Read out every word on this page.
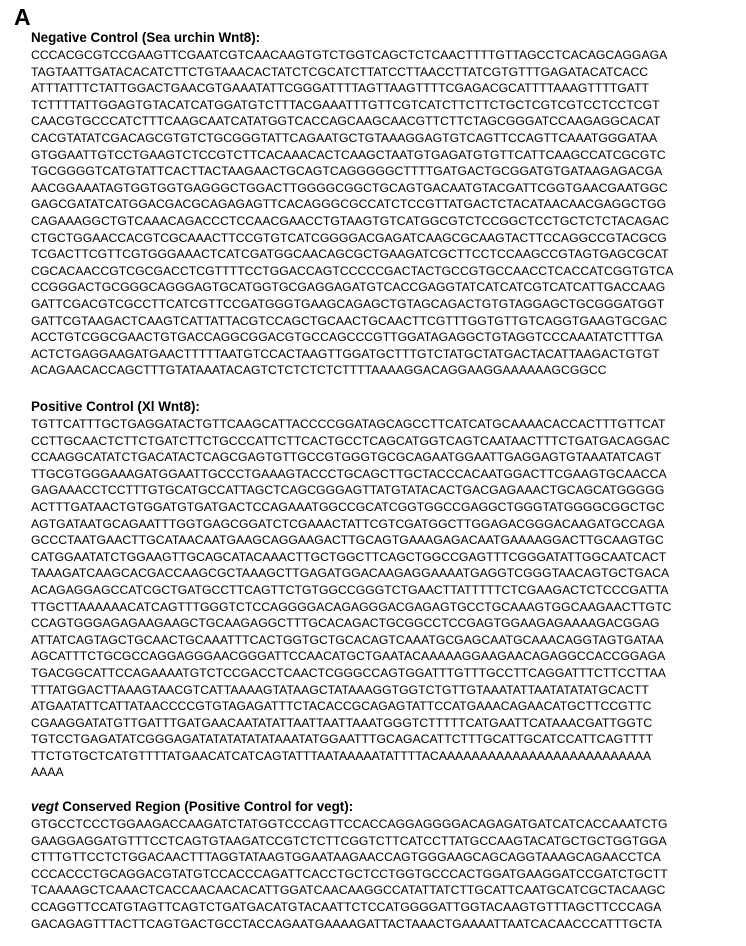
A
Negative Control (Sea urchin Wnt8):
CCCACGCGTCCGAAGTTCGAATCGTCAACAAGTGTCTGGTCAGCTCTCAACTTTTGTTAGCCTCACAGCAGGAGA
TAGTAATTGATACACATCTTCTGTAAACACTATCTCGCATCTTATCCTTAACCTTATCGTGTTTGAGATACATCACC
ATTTATTTCTATTGGACTGAACGTGAAATATTCGGGATTTTAGTTAAGTTTTCGAGACGCATTTTAAAGTTTTGATT
TCTTTTATTGGAGTGTACATCATGGATGTCTTTACGAAATTTGTTCGTCATCTTCTTCTGCTCGTCGTCCTCCTCGT
CAACGTGCCCATCTTTCAAGCAATCATATGGTCACCAGCAAGCAACGTTCTTCTAGCGGGATCCAAGAGGCACAT
CACGTATATCGACAGCGTGTCTGCGGGTATTCAGAATGCTGTAAAGGAGTGTCAGTTCCAGTTCAAATGGGATAA
GTGGAATTGTCCTGAAGTCTCCGTCTTCACAAACACTCAAGCTAATGTGAGATGTGTTCATTCAAGCCATCGCGTC
TGCGGGGTCATGTATTCACTTACTAAGAACTGCAGTCAGGGGGCTTTTGATGACTGCGGATGTGATAAGAGACGA
AACGGAAATAGTGGTGGTGAGGGCTGGACTTGGGGCGGCTGCAGTGACAATGTACGATTCGGTGAACGAATGGC
GAGCGATATCATGGACGACGCAGAGAGTTCACAGGGCGCCATCTCCGTTATGACTCTACATAACAACGAGGCTGG
CAGAAAGGCTGTCAAACAGACCCTCCAACGAACCTGTAAGTGTCATGGCGTCTCCGGCTCCTGCTCTCTACAGAC
CTGCTGGAACCACGTCGCAAACTTCCGTGTCATCGGGGACGAGATCAAGCGCAAGTACTTCCAGGCCGTACGCG
TCGACTTCGTTCGTGGGAAACTCATCGATGGCAACAGCGCTGAAGATCGCTTCCTCCAAGCCGTAGTGAGCGCAT
CGCACAACCGTCGCGACCTCGTTTTCCTGGACCAGTCCCCCGACTACTGCCGTGCCAACCTCACCATCGGTGTCA
CCGGGACTGCGGGCAGGGAGTGCATGGTGCGAGGAGATGTCACCGAGGTATCATCATCGTCATCATTGACCAAG
GATTCGACGTCGCCTTCATCGTTCCGATGGGTGAAGCAGAGCTGTAGCAGACTGTGTAGGAGCTGCGGGATGGT
GATTCGTAAGACTCAAGTCATTATTACGTCCAGCTGCAACTGCAACTTCGTTTGGTGTTGTCAGGTGAAGTGCGAC
ACCTGTCGGCGAACTGTGACCAGGCGGACGTGCCAGCCCGTTGGATAGAGGCTGTAGGTCCCAAATATCTTTGA
ACTCTGAGGAAGATGAACTTTTTAATGTCCACTAAGTTGGATGCTTTGTCTATGCTATGACTACATTAAGACTGTGT
ACAGAACACCAGCTTTGTATAAATACAGTCTCTCTCTCTTTTAAAAGGACAGGAAGGAAAAAAGCGGCC
Positive Control (Xl Wnt8):
TGTTCATTTGCTGAGGATACTGTTCAAGCATTACCCCGGATAGCAGCCTTCATCATGCAAAACACCACTTTGTTCAT
CCTTGCAACTCTTCTGATCTTCTGCCCATTCTTCACTGCCTCAGCATGGTCAGTCAATAACTTTCTGATGACAGGAC
CCAAGGCATATCTGACATACTCAGCGAGTGTTGCCGTGGGTGCGCAGAATGGAATTGAGGAGTGTAAATATCAGT
TTGCGTGGGAAAGATGGAATTGCCCTGAAAGTACCCTGCAGCTTGCTACCCACAATGGACTTCGAAGTGCAACCA
GAGAAACCTCCTTTGTGCATGCCATTAGCTCAGCGGGAGTTATGTATACACTGACGAGAAACTGCAGCATGGGGG
ACTTTGATAACTGTGGATGTGATGACTCCAGAAATGGCCGCATCGGTGGCCGAGGCTGGGTATGGGGCGGCTGC
AGTGATAATGCAGAATTTGGTGAGCGGATCTCGAAACTATTCGTCGATGGCTTGGAGACGGGACAAGATGCCAGA
GCCCTAATGAACTTGCATAACAATGAAGCAGGAAGACTTGCAGTGAAAGAGACAATGAAAAGGACTTGCAAGTGC
CATGGAATATCTGGAAGTTGCAGCATACAAACTTGCTGGCTTCAGCTGGCCGAGTTTCGGGATATTGGCAATCACT
TAAAGATCAAGCACGACCAAGCGCTAAAGCTTGAGATGGACAAGAGGAAAATGAGGTCGGGTAACAGTGCTGACA
ACAGAGGAGCCATCGCTGATGCCTTCAGTTCTGTGGCCGGGTCTGAACTTATTTTTCTCGAAGACTCTCCCGATTA
TTGCTTAAAAAACATCAGTTTGGGTCTCCAGGGGACAGAGGGACGAGAGTGCCTGCAAAGTGGCAAGAACTTGTC
CCAGTGGGAGAGAAGAAGCTGCAAGAGGCTTTGCACAGACTGCGGCCTCCGAGTGGAAGAGAAAAGACGGAG
ATTATCAGTAGCTGCAACTGCAAATTTCACTGGTGCTGCACAGTCAAATGCGAGCAATGCAAACAGGTAGTGATAA
AGCATTTCTGCGCCAGGAGGGAACGGGATTCCAACATGCTGAATACAAAAAGGAAGAACAGAGGCCACCGGAGA
TGACGGCATTCCAGAAAATGTCTCCGACCTCAACTCGGGCCAGTGGATTTGTTTGCCTTCAGGATTTCTTCCTTAA
TTTATGGACTTAAAGTAACGTCATTAAAAGTATAAGCTATAAAGGTGGTCTGTTGTAAATATTAATATATATGCACTT
ATGAATATTCATTATAACCCCGTGTAGAGATTTCTACACCGCAGAGTATTCCATGAAACAGAACATGCTTCCGTTC
CGAAGGATATGTTGATTTGATGAACAATATATTAATTAATTAAATGGGTCTTTTTCATGAATTCATAAACGATTGGTC
TGTCCTGAGATATCGGGAGATATATATATATAAATATGGAATTTGCAGACATTCTTTGCATTGCATCCATTCAGTTTT
TTCTGTGCTCATGTTTTATGAACATCATCAGTATTTAATAAAAATATTTTACAAAAAAAAAAAAAAAAAAAAAAAAAA
AAAA
vegt Conserved Region (Positive Control for vegt):
GTGCCTCCCTGGAAGACCAAGATCTATGGTCCCAGTTCCACCAGGAGGGGACAGAGATGATCATCACCAAATCTG
GAAGGAGGATGTTTCCTCAGTGTAAGATCCGTCTCTTCGGTCTTCATCCTTATGCCAAGTACATGCTGCTGGTGGA
CTTTGTTCCTCTGGACAACTTTAGGTATAAGTGGAATAAGAACCAGTGGGAAGCAGCAGGTAAAGCAGAACCTCA
CCCACCCTGCAGGACGTATGTCCACCCAGATTCACCTGCTCCTGGTGCCCACTGGATGAAGGATCCGATCTGCTT
TCAAAAGCTCAAACTCACCAACAACACATTGGATCAACAAGGCCATATTATCTTGCATTCAATGCATCGCTACAAGC
CCAGGTTCCATGTAGTTCAGTCTGATGACATGTACAATTCTCCATGGGGATTGGTACAAGTGTTTAGCTTCCCAGA
GACAGAGTTTACTTCAGTGACTGCCTACCAGAATGAAAAGATTACTAAACTGAAAATTAATCACAACCCATTTGCTA
